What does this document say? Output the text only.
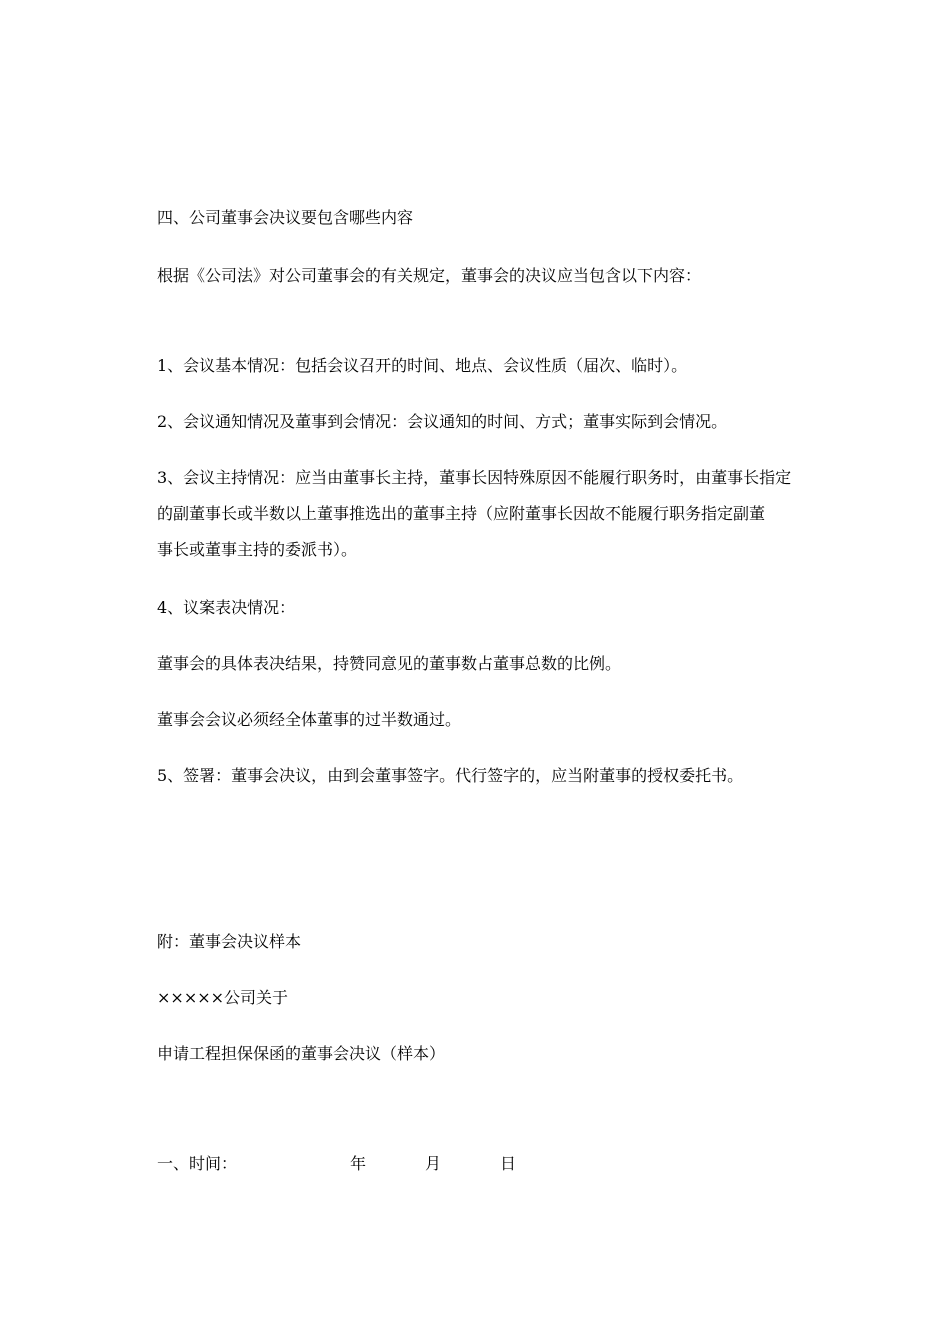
四、公司董事会决议要包含哪些内容
根据《公司法》对公司董事会的有关规定，董事会的决议应当包含以下内容：
1、会议基本情况：包括会议召开的时间、地点、会议性质（届次、临时）。
2、会议通知情况及董事到会情况：会议通知的时间、方式；董事实际到会情况。
3、会议主持情况：应当由董事长主持，董事长因特殊原因不能履行职务时，由董事长指定
的副董事长或半数以上董事推选出的董事主持（应附董事长因故不能履行职务指定副董
事长或董事主持的委派书）。
4、议案表决情况：
董事会的具体表决结果，持赞同意见的董事数占董事总数的比例。
董事会会议必须经全体董事的过半数通过。
5、签署：董事会决议，由到会董事签字。代行签字的，应当附董事的授权委托书。
附：董事会决议样本
×××××公司关于
申请工程担保保函的董事会决议（样本）
一、时间：	年	月	日
